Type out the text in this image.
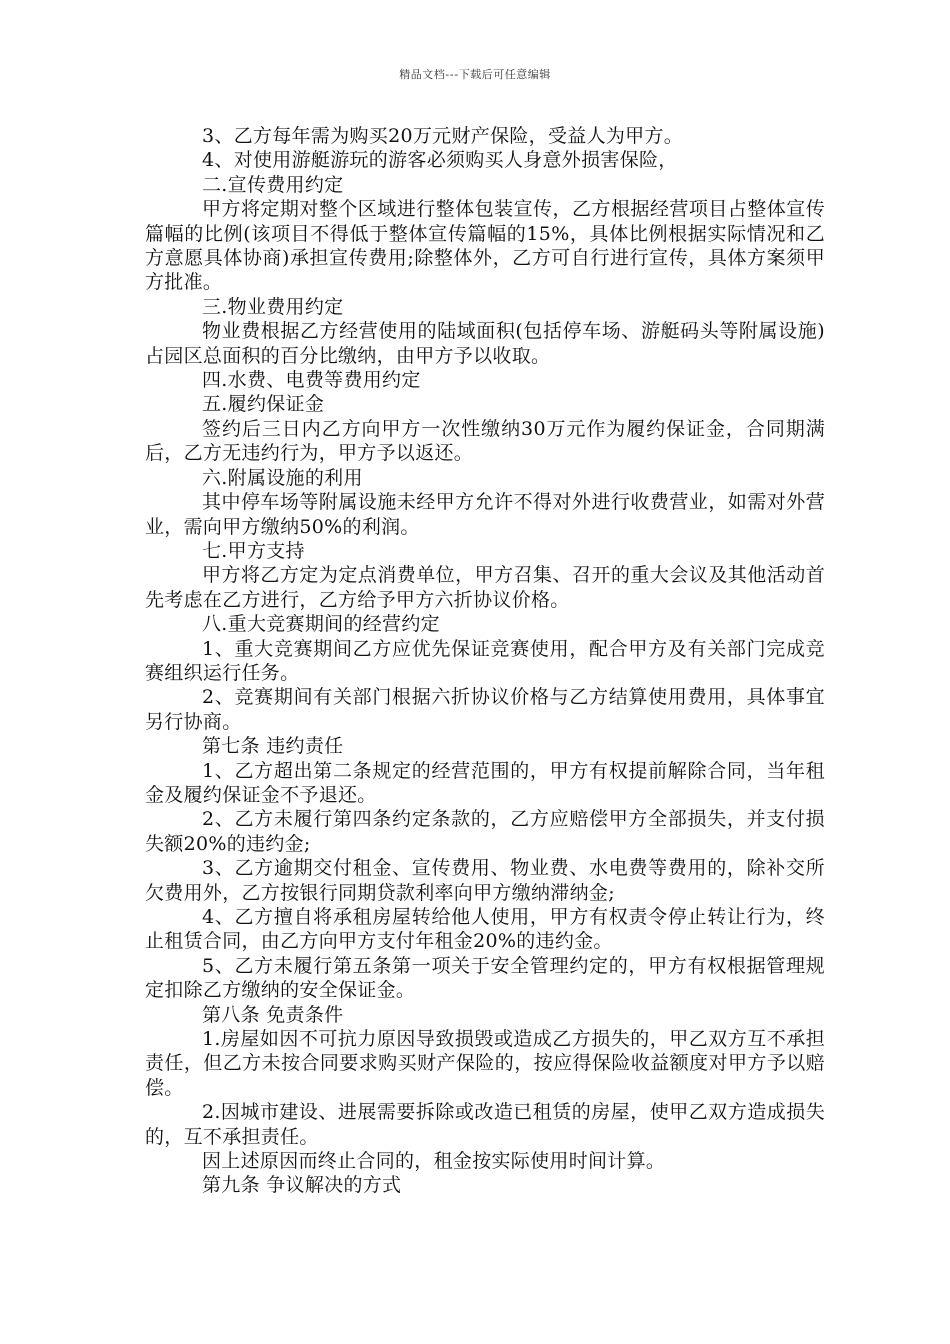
精品文档---下载后可任意编辑

3、乙方每年需为购买20万元财产保险，受益人为甲方。

4、对使用游艇游玩的游客必须购买人身意外损害保险，

二.宣传费用约定

甲方将定期对整个区域进行整体包装宣传，乙方根据经营项目占整体宣传篇幅的比例(该项目不得低于整体宣传篇幅的15%，具体比例根据实际情况和乙方意愿具体协商)承担宣传费用;除整体外，乙方可自行进行宣传，具体方案须甲方批准。

三.物业费用约定

物业费根据乙方经营使用的陆域面积(包括停车场、游艇码头等附属设施)占园区总面积的百分比缴纳，由甲方予以收取。

四.水费、电费等费用约定

五.履约保证金

签约后三日内乙方向甲方一次性缴纳30万元作为履约保证金，合同期满后，乙方无违约行为，甲方予以返还。

六.附属设施的利用

其中停车场等附属设施未经甲方允许不得对外进行收费营业，如需对外营业，需向甲方缴纳50%的利润。

七.甲方支持

甲方将乙方定为定点消费单位，甲方召集、召开的重大会议及其他活动首先考虑在乙方进行，乙方给予甲方六折协议价格。

八.重大竞赛期间的经营约定

1、重大竞赛期间乙方应优先保证竞赛使用，配合甲方及有关部门完成竞赛组织运行任务。

2、竞赛期间有关部门根据六折协议价格与乙方结算使用费用，具体事宜另行协商。

第七条 违约责任

1、乙方超出第二条规定的经营范围的，甲方有权提前解除合同，当年租金及履约保证金不予退还。

2、乙方未履行第四条约定条款的，乙方应赔偿甲方全部损失，并支付损失额20%的违约金;

3、乙方逾期交付租金、宣传费用、物业费、水电费等费用的，除补交所欠费用外，乙方按银行同期贷款利率向甲方缴纳滞纳金;

4、乙方擅自将承租房屋转给他人使用，甲方有权责令停止转让行为，终止租赁合同，由乙方向甲方支付年租金20%的违约金。

5、乙方未履行第五条第一项关于安全管理约定的，甲方有权根据管理规定扣除乙方缴纳的安全保证金。

第八条 免责条件

1.房屋如因不可抗力原因导致损毁或造成乙方损失的，甲乙双方互不承担责任，但乙方未按合同要求购买财产保险的，按应得保险收益额度对甲方予以赔偿。

2.因城市建设、进展需要拆除或改造已租赁的房屋，使甲乙双方造成损失的，互不承担责任。

因上述原因而终止合同的，租金按实际使用时间计算。

第九条 争议解决的方式
